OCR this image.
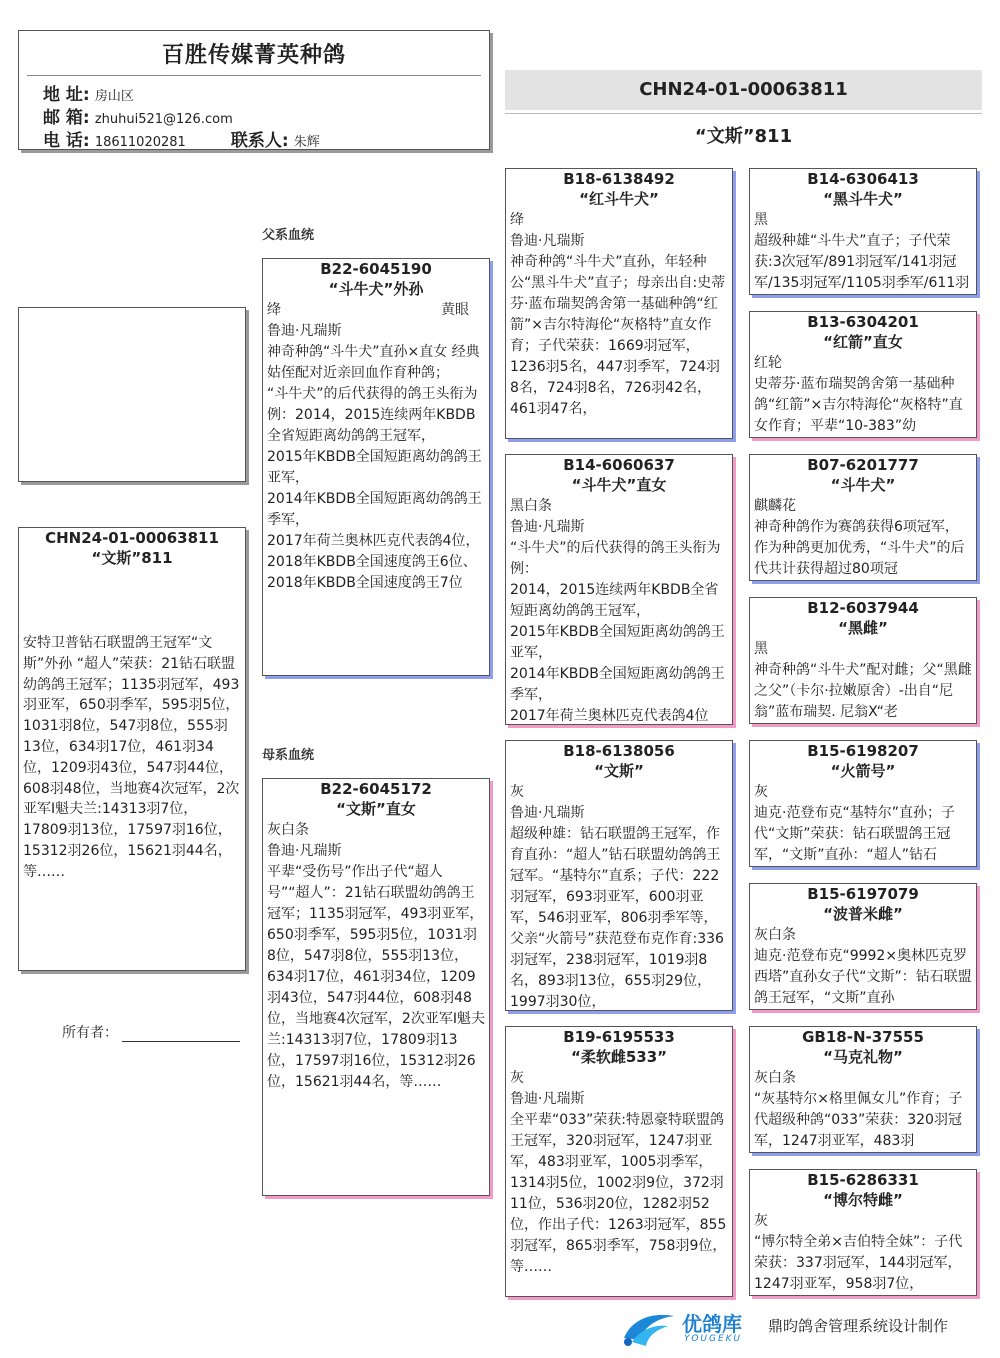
百胜传媒菁英种鸽
地 址: 房山区
邮 箱: zhuhui521@126.com
电 话: 18611020281	联系人: 朱辉
CHN24-01-00063811
“文斯”811
CHN24-01-00063811
“文斯”811
安特卫普钻石联盟鸽王冠军“文斯”外孙 “超人”荣获：21钻石联盟幼鸽鸽王冠军；1135羽冠军，493羽亚军，650羽季军，595羽5位，1031羽8位，547羽8位，555羽13位，634羽17位，461羽34位，1209羽43位，547羽44位，608羽48位，当地赛4次冠军，2次亚军I魁夫兰:14313羽7位，17809羽13位，17597羽16位，15312羽26位，15621羽44名，等……
所有者：
父系血统
母系血统
B22-6045190
“斗牛犬”外孙
绛	黄眼
鲁迪·凡瑞斯
神奇种鸽“斗牛犬”直孙×直女 经典姑侄配对近亲回血作育种鸽；
“斗牛犬”的后代获得的鸽王头衔为例：2014，2015连续两年KBDB全省短距离幼鸽鸽王冠军，
2015年KBDB全国短距离幼鸽鸽王亚军，
2014年KBDB全国短距离幼鸽鸽王季军，
2017年荷兰奥林匹克代表鸽4位，
2018年KBDB全国速度鸽王6位、
2018年KBDB全国速度鸽王7位
B22-6045172
“文斯”直女
灰白条
鲁迪·凡瑞斯
平辈“受伤号”作出子代“超人号”“超人”：21钻石联盟幼鸽鸽王冠军；1135羽冠军，493羽亚军，650羽季军，595羽5位，1031羽8位，547羽8位，555羽13位，634羽17位，461羽34位，1209羽43位，547羽44位，608羽48位，当地赛4次冠军，2次亚军I魁夫兰:14313羽7位，17809羽13位，17597羽16位，15312羽26位，15621羽44名，等……
B18-6138492
“红斗牛犬”
绛
鲁迪·凡瑞斯
神奇种鸽“斗牛犬”直孙，年轻种公“黑斗牛犬”直子；母亲出自:史蒂芬·蓝布瑞契鸽舍第一基础种鸽“红箭”×吉尔特海伦“灰格特”直女作育；子代荣获：1669羽冠军，1236羽5名，447羽季军，724羽8名，724羽8名，726羽42名，461羽47名，
B14-6060637
“斗牛犬”直女
黑白条
鲁迪·凡瑞斯
“斗牛犬”的后代获得的鸽王头衔为例：
2014，2015连续两年KBDB全省短距离幼鸽鸽王冠军，
2015年KBDB全国短距离幼鸽鸽王亚军，
2014年KBDB全国短距离幼鸽鸽王季军，
2017年荷兰奥林匹克代表鸽4位
B18-6138056
“文斯”
灰
鲁迪·凡瑞斯
超级种雄：钻石联盟鸽王冠军，作育直孙：“超人”钻石联盟幼鸽鸽王冠军。“基特尔”直系；子代：222羽冠军，693羽亚军，600羽亚军，546羽亚军，806羽季军等，父亲“火箭号”获范登布克作育:336羽冠军，238羽冠军，1019羽8名，893羽13位，655羽29位，1997羽30位，
B19-6195533
“柔软雌533”
灰
鲁迪·凡瑞斯
全平辈“033”荣获:特恩豪特联盟鸽王冠军，320羽冠军，1247羽亚军，483羽亚军，1005羽季军，1314羽5位，1002羽9位，372羽11位，536羽20位，1282羽52位，作出子代：1263羽冠军，855羽冠军，865羽季军，758羽9位，等……
B14-6306413
“黑斗牛犬”
黑
超级种雄“斗牛犬”直子；子代荣获:3次冠军/891羽冠军/141羽冠军/135羽冠军/1105羽季军/611羽
B13-6304201
“红箭”直女
红轮
史蒂芬·蓝布瑞契鸽舍第一基础种鸽“红箭”×吉尔特海伦“灰格特”直女作育；平辈“10-383”幼
B07-6201777
“斗牛犬”
麒麟花
神奇种鸽作为赛鸽获得6项冠军，作为种鸽更加优秀，“斗牛犬”的后代共计获得超过80项冠
B12-6037944
“黑雌”
黑
神奇种鸽“斗牛犬”配对雌；父“黑雌之父”（卡尔·拉嫩原舍）-出自“尼翁”蓝布瑞契. 尼翁X“老
B15-6198207
“火箭号”
灰
迪克·范登布克“基特尔”直孙；子代“文斯”荣获：钻石联盟鸽王冠军，“文斯”直孙：“超人”钻石
B15-6197079
“波普米雌”
灰白条
迪克·范登布克“9992×奥林匹克罗西塔”直孙女子代“文斯”：钻石联盟鸽王冠军，“文斯”直孙
GB18-N-37555
“马克礼物”
灰白条
“灰基特尔×格里佩女儿”作育；子代超级种鸽“033”荣获：320羽冠军，1247羽亚军，483羽
B15-6286331
“博尔特雌”
灰
“博尔特全弟×吉伯特全妹”：子代荣获：337羽冠军，144羽冠军，1247羽亚军，958羽7位，
优鸽库
YOUGEKU
鼎昀鸽舍管理系统设计制作
